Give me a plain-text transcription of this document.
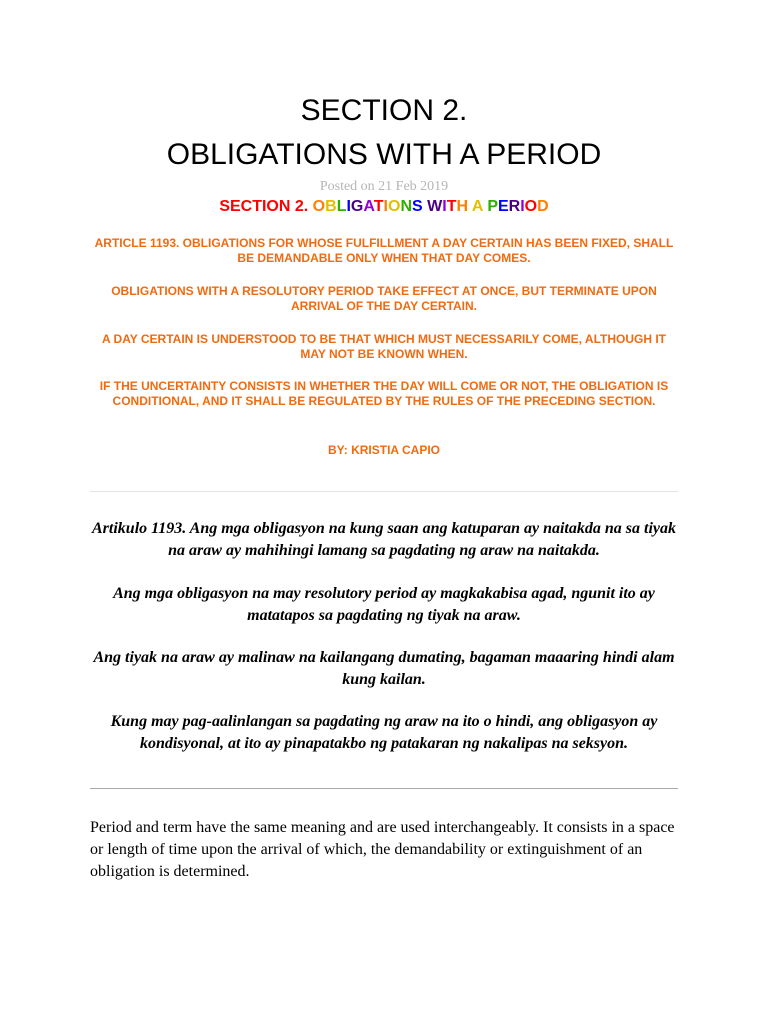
SECTION 2.
OBLIGATIONS WITH A PERIOD
Posted on 21 Feb 2019
SECTION 2. OBLIGATIONS WITH A PERIOD
ARTICLE 1193. OBLIGATIONS FOR WHOSE FULFILLMENT A DAY CERTAIN HAS BEEN FIXED, SHALL BE DEMANDABLE ONLY WHEN THAT DAY COMES.
OBLIGATIONS WITH A RESOLUTORY PERIOD TAKE EFFECT AT ONCE, BUT TERMINATE UPON ARRIVAL OF THE DAY CERTAIN.
A DAY CERTAIN IS UNDERSTOOD TO BE THAT WHICH MUST NECESSARILY COME, ALTHOUGH IT MAY NOT BE KNOWN WHEN.
IF THE UNCERTAINTY CONSISTS IN WHETHER THE DAY WILL COME OR NOT, THE OBLIGATION IS CONDITIONAL, AND IT SHALL BE REGULATED BY THE RULES OF THE PRECEDING SECTION.
BY: KRISTIA CAPIO
Artikulo 1193. Ang mga obligasyon na kung saan ang katuparan ay naitakda na sa tiyak na araw ay mahihingi lamang sa pagdating ng araw na naitakda.
Ang mga obligasyon na may resolutory period ay magkakabisa agad, ngunit ito ay matatapos sa pagdating ng tiyak na araw.
Ang tiyak na araw ay malinaw na kailangang dumating, bagaman maaaring hindi alam kung kailan.
Kung may pag-aalinlangan sa pagdating ng araw na ito o hindi, ang obligasyon ay kondisyonal, at ito ay pinapatakbo ng patakaran ng nakalipas na seksyon.
Period and term have the same meaning and are used interchangeably. It consists in a space or length of time upon the arrival of which, the demandability or extinguishment of an obligation is determined.
